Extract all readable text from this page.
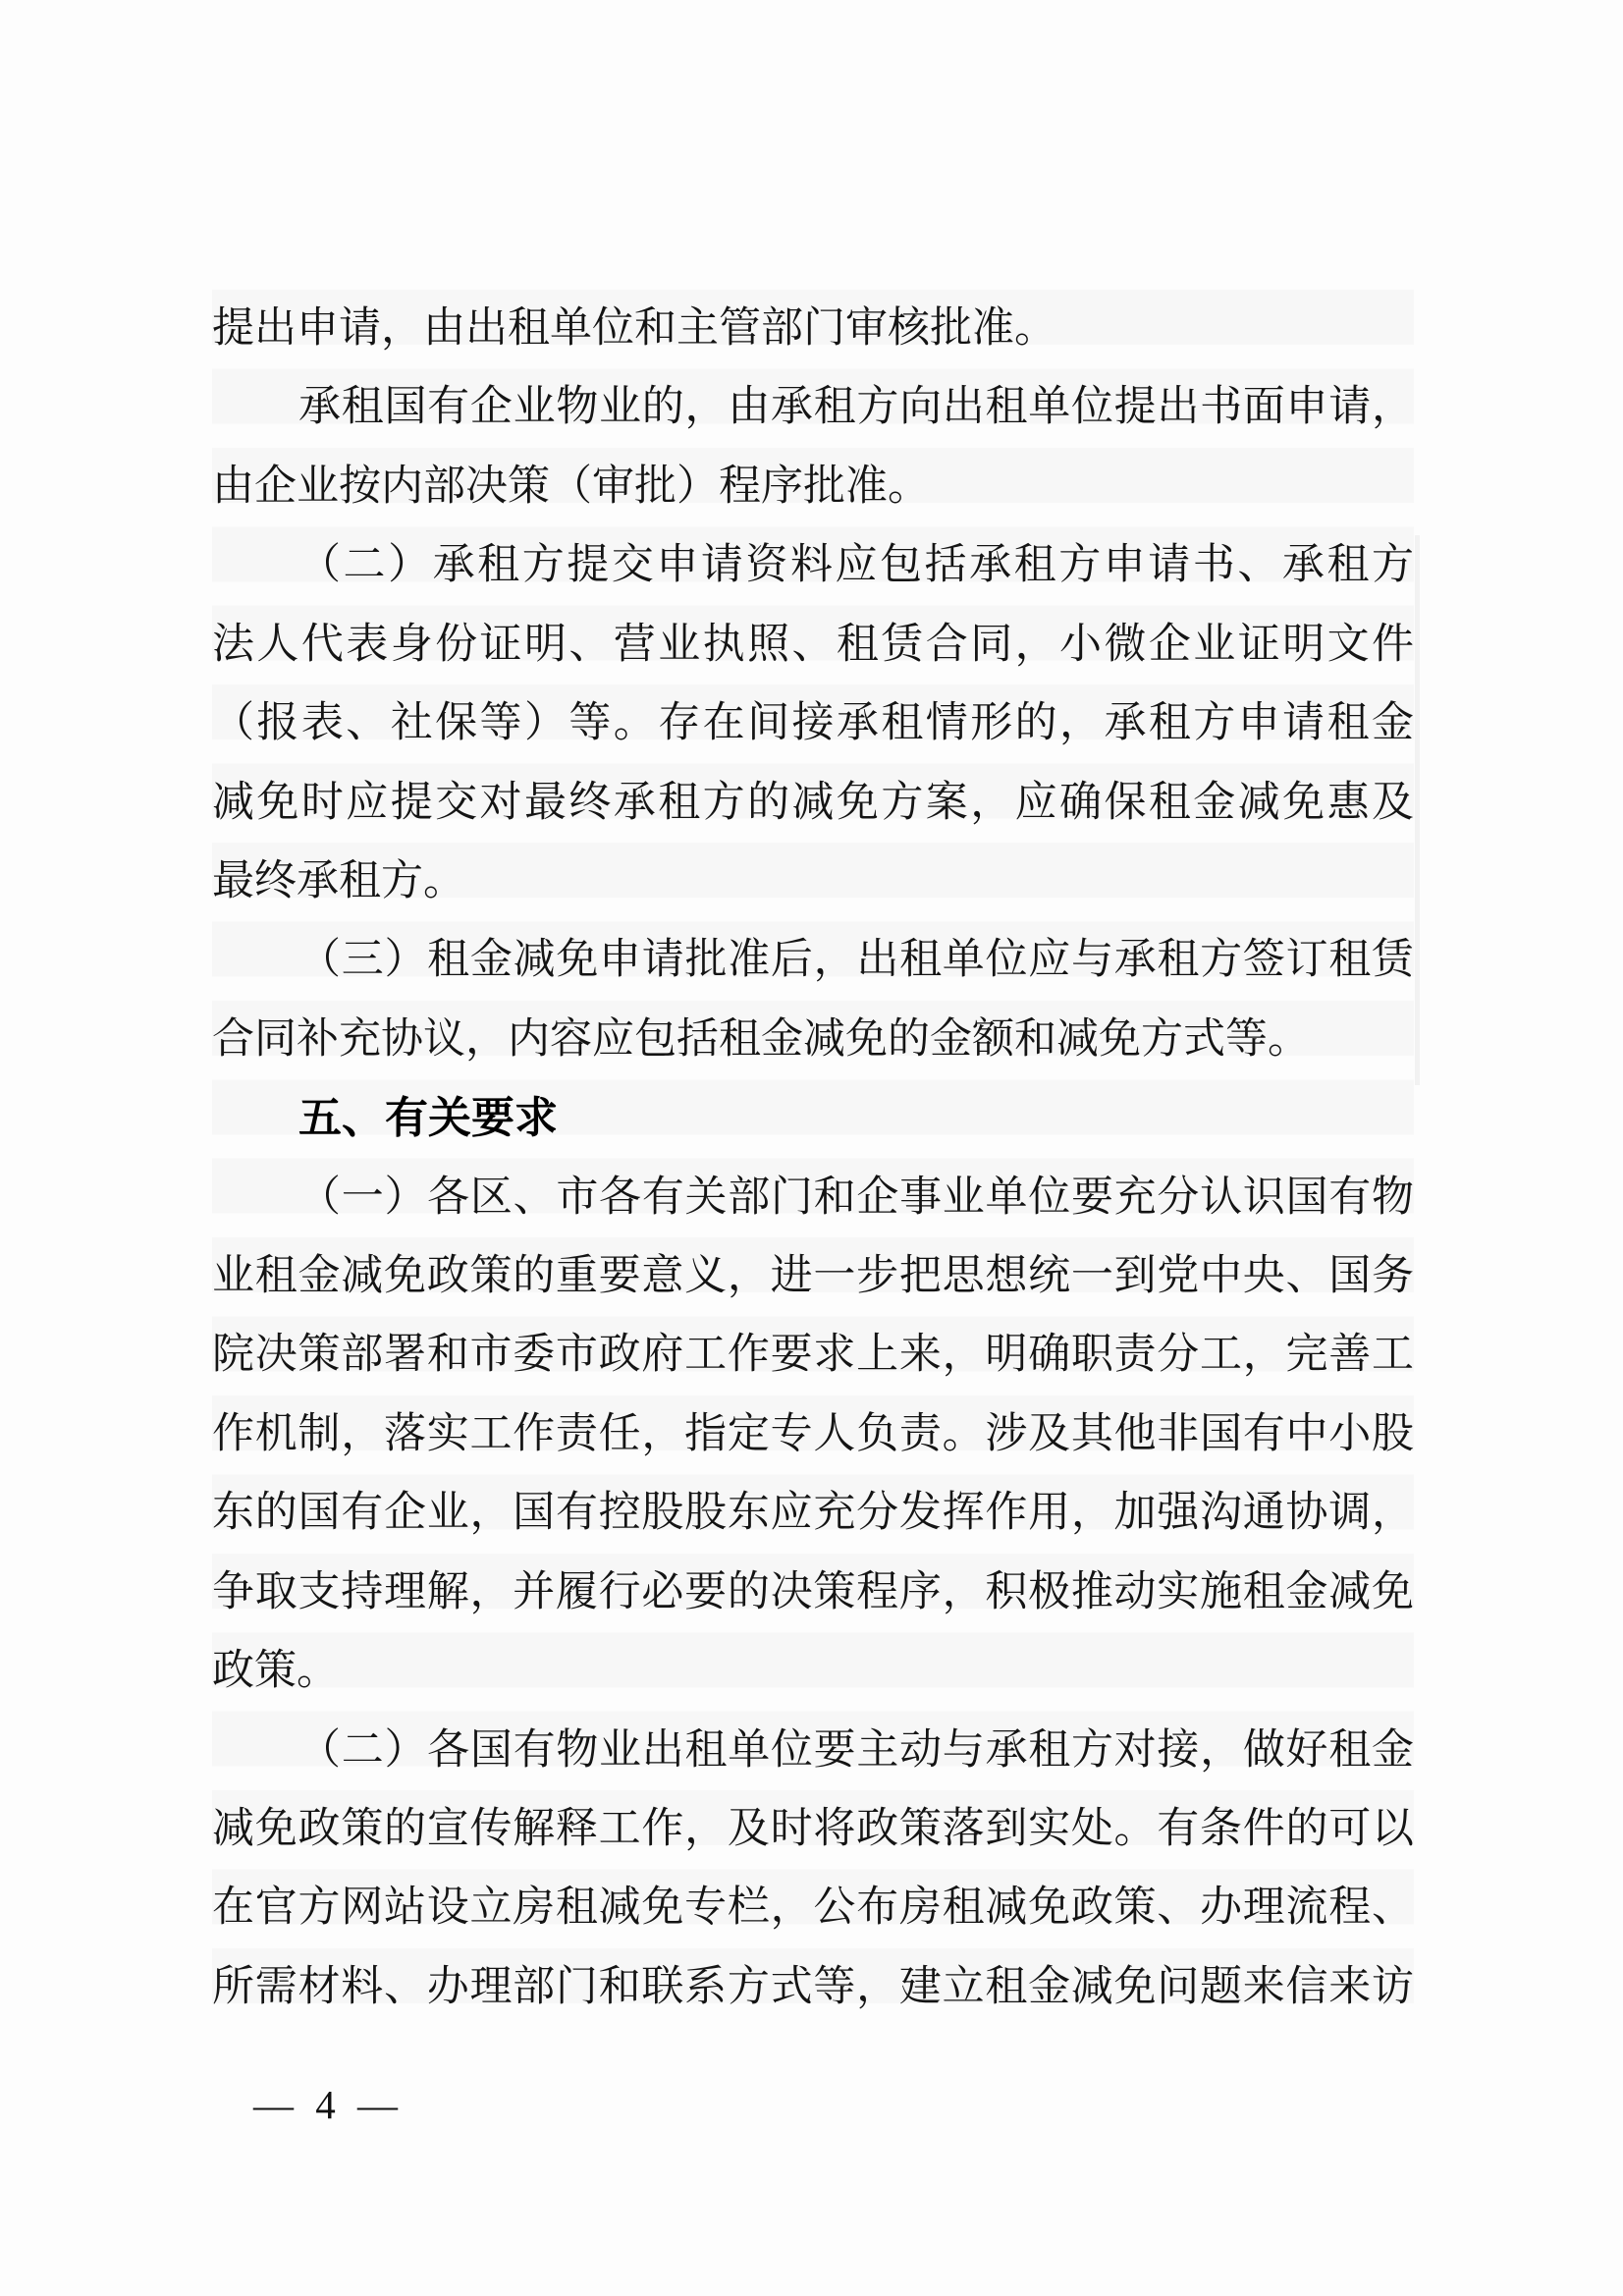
提出申请，由出租单位和主管部门审核批准。
承租国有企业物业的，由承租方向出租单位提出书面申请，
由企业按内部决策（审批）程序批准。
（二）承租方提交申请资料应包括承租方申请书、承租方
法人代表身份证明、营业执照、租赁合同，小微企业证明文件
（报表、社保等）等。存在间接承租情形的，承租方申请租金
减免时应提交对最终承租方的减免方案，应确保租金减免惠及
最终承租方。
（三）租金减免申请批准后，出租单位应与承租方签订租赁
合同补充协议，内容应包括租金减免的金额和减免方式等。
五、有关要求
（一）各区、市各有关部门和企事业单位要充分认识国有物
业租金减免政策的重要意义，进一步把思想统一到党中央、国务
院决策部署和市委市政府工作要求上来，明确职责分工，完善工
作机制，落实工作责任，指定专人负责。涉及其他非国有中小股
东的国有企业，国有控股股东应充分发挥作用，加强沟通协调，
争取支持理解，并履行必要的决策程序，积极推动实施租金减免
政策。
（二）各国有物业出租单位要主动与承租方对接，做好租金
减免政策的宣传解释工作，及时将政策落到实处。有条件的可以
在官方网站设立房租减免专栏，公布房租减免政策、办理流程、
所需材料、办理部门和联系方式等，建立租金减免问题来信来访
— 4 —
